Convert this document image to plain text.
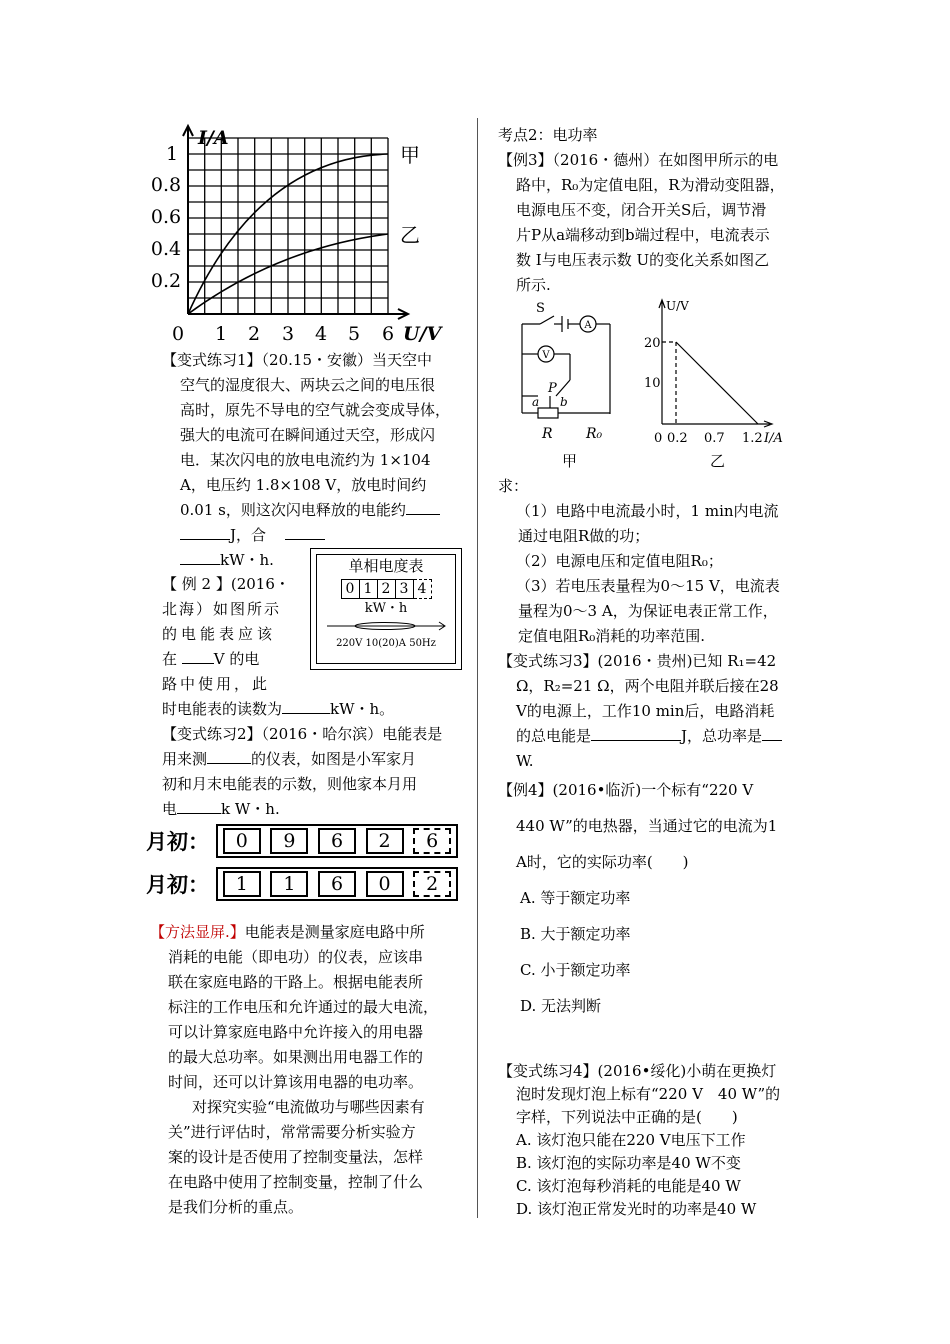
I/A
1
0.8
0.6
0.4
0.2
0 1 2 3 4 5 6 U/V
甲
乙

【变式练习1】（20.15・安徽）当天空中

空气的湿度很大、两块云之间的电压很

高时，原先不导电的空气就会变成导体，

强大的电流可在瞬间通过天空，形成闪

电．某次闪电的放电电流约为 1×104

A，电压约 1.8×108 V，放电时间约

0.01 s，则这次闪电释放的电能约

J，合

kW・h.	单相电度表
0 1 2 3 4
kW・h
220V 10(20)A 50Hz

【 例 2 】(2016・

北海）如图所示

的电能表应该

在 V 的电

路中使用，此

时电能表的读数为	kW・h。

【变式练习2】（2016・哈尔滨）电能表是

用来测	的仪表，如图是小军家月

初和月末电能表的示数，则他家本月用

电	k W・h.

月初：	0	9	6	2	6
月初：	1	1	6	0	2

【方法显屏.】电能表是测量家庭电路中所

消耗的电能（即电功）的仪表，应该串

联在家庭电路的干路上。根据电能表所

标注的工作电压和允许通过的最大电流，

可以计算家庭电路中允许接入的用电器

的最大总功率。如果测出用电器工作的

时间，还可以计算该用电器的电功率。

对探究实验“电流做功与哪些因素有

关”进行评估时，常常需要分析实验方

案的设计是否使用了控制变量法，怎样

在电路中使用了控制变量，控制了什么

是我们分析的重点。

考点2：电功率

【例3】（2016・德州）在如图甲所示的电

路中，R₀为定值电阻，R为滑动变阻器，

电源电压不变，闭合开关S后，调节滑

片P从a端移动到b端过程中，电流表示

数 I与电压表示数 U的变化关系如图乙

所示.

S
A
V
P
a b
R R₀
甲
U/V
20
10
0 0.2 0.7 1.2 I/A
乙

求：

（1）电路中电流最小时，1 min内电流

通过电阻R做的功；

（2）电源电压和定值电阻R₀；

（3）若电压表量程为0～15 V，电流表

量程为0～3 A，为保证电表正常工作，

定值电阻R₀消耗的功率范围.

【变式练习3】(2016・贵州)已知 R₁=42

Ω，R₂=21 Ω，两个电阻并联后接在28

V的电源上，工作10 min后，电路消耗

的总电能是	J，总功率是

W.

【例4】(2016•临沂)一个标有“220 V

440 W”的电热器，当通过它的电流为1

A时，它的实际功率(　　)

A. 等于额定功率

B. 大于额定功率

C. 小于额定功率

D. 无法判断

【变式练习4】(2016•绥化)小萌在更换灯

泡时发现灯泡上标有“220 V　40 W”的

字样，下列说法中正确的是(　　)

A. 该灯泡只能在220 V电压下工作

B. 该灯泡的实际功率是40 W不变

C. 该灯泡每秒消耗的电能是40 W

D. 该灯泡正常发光时的功率是40 W
